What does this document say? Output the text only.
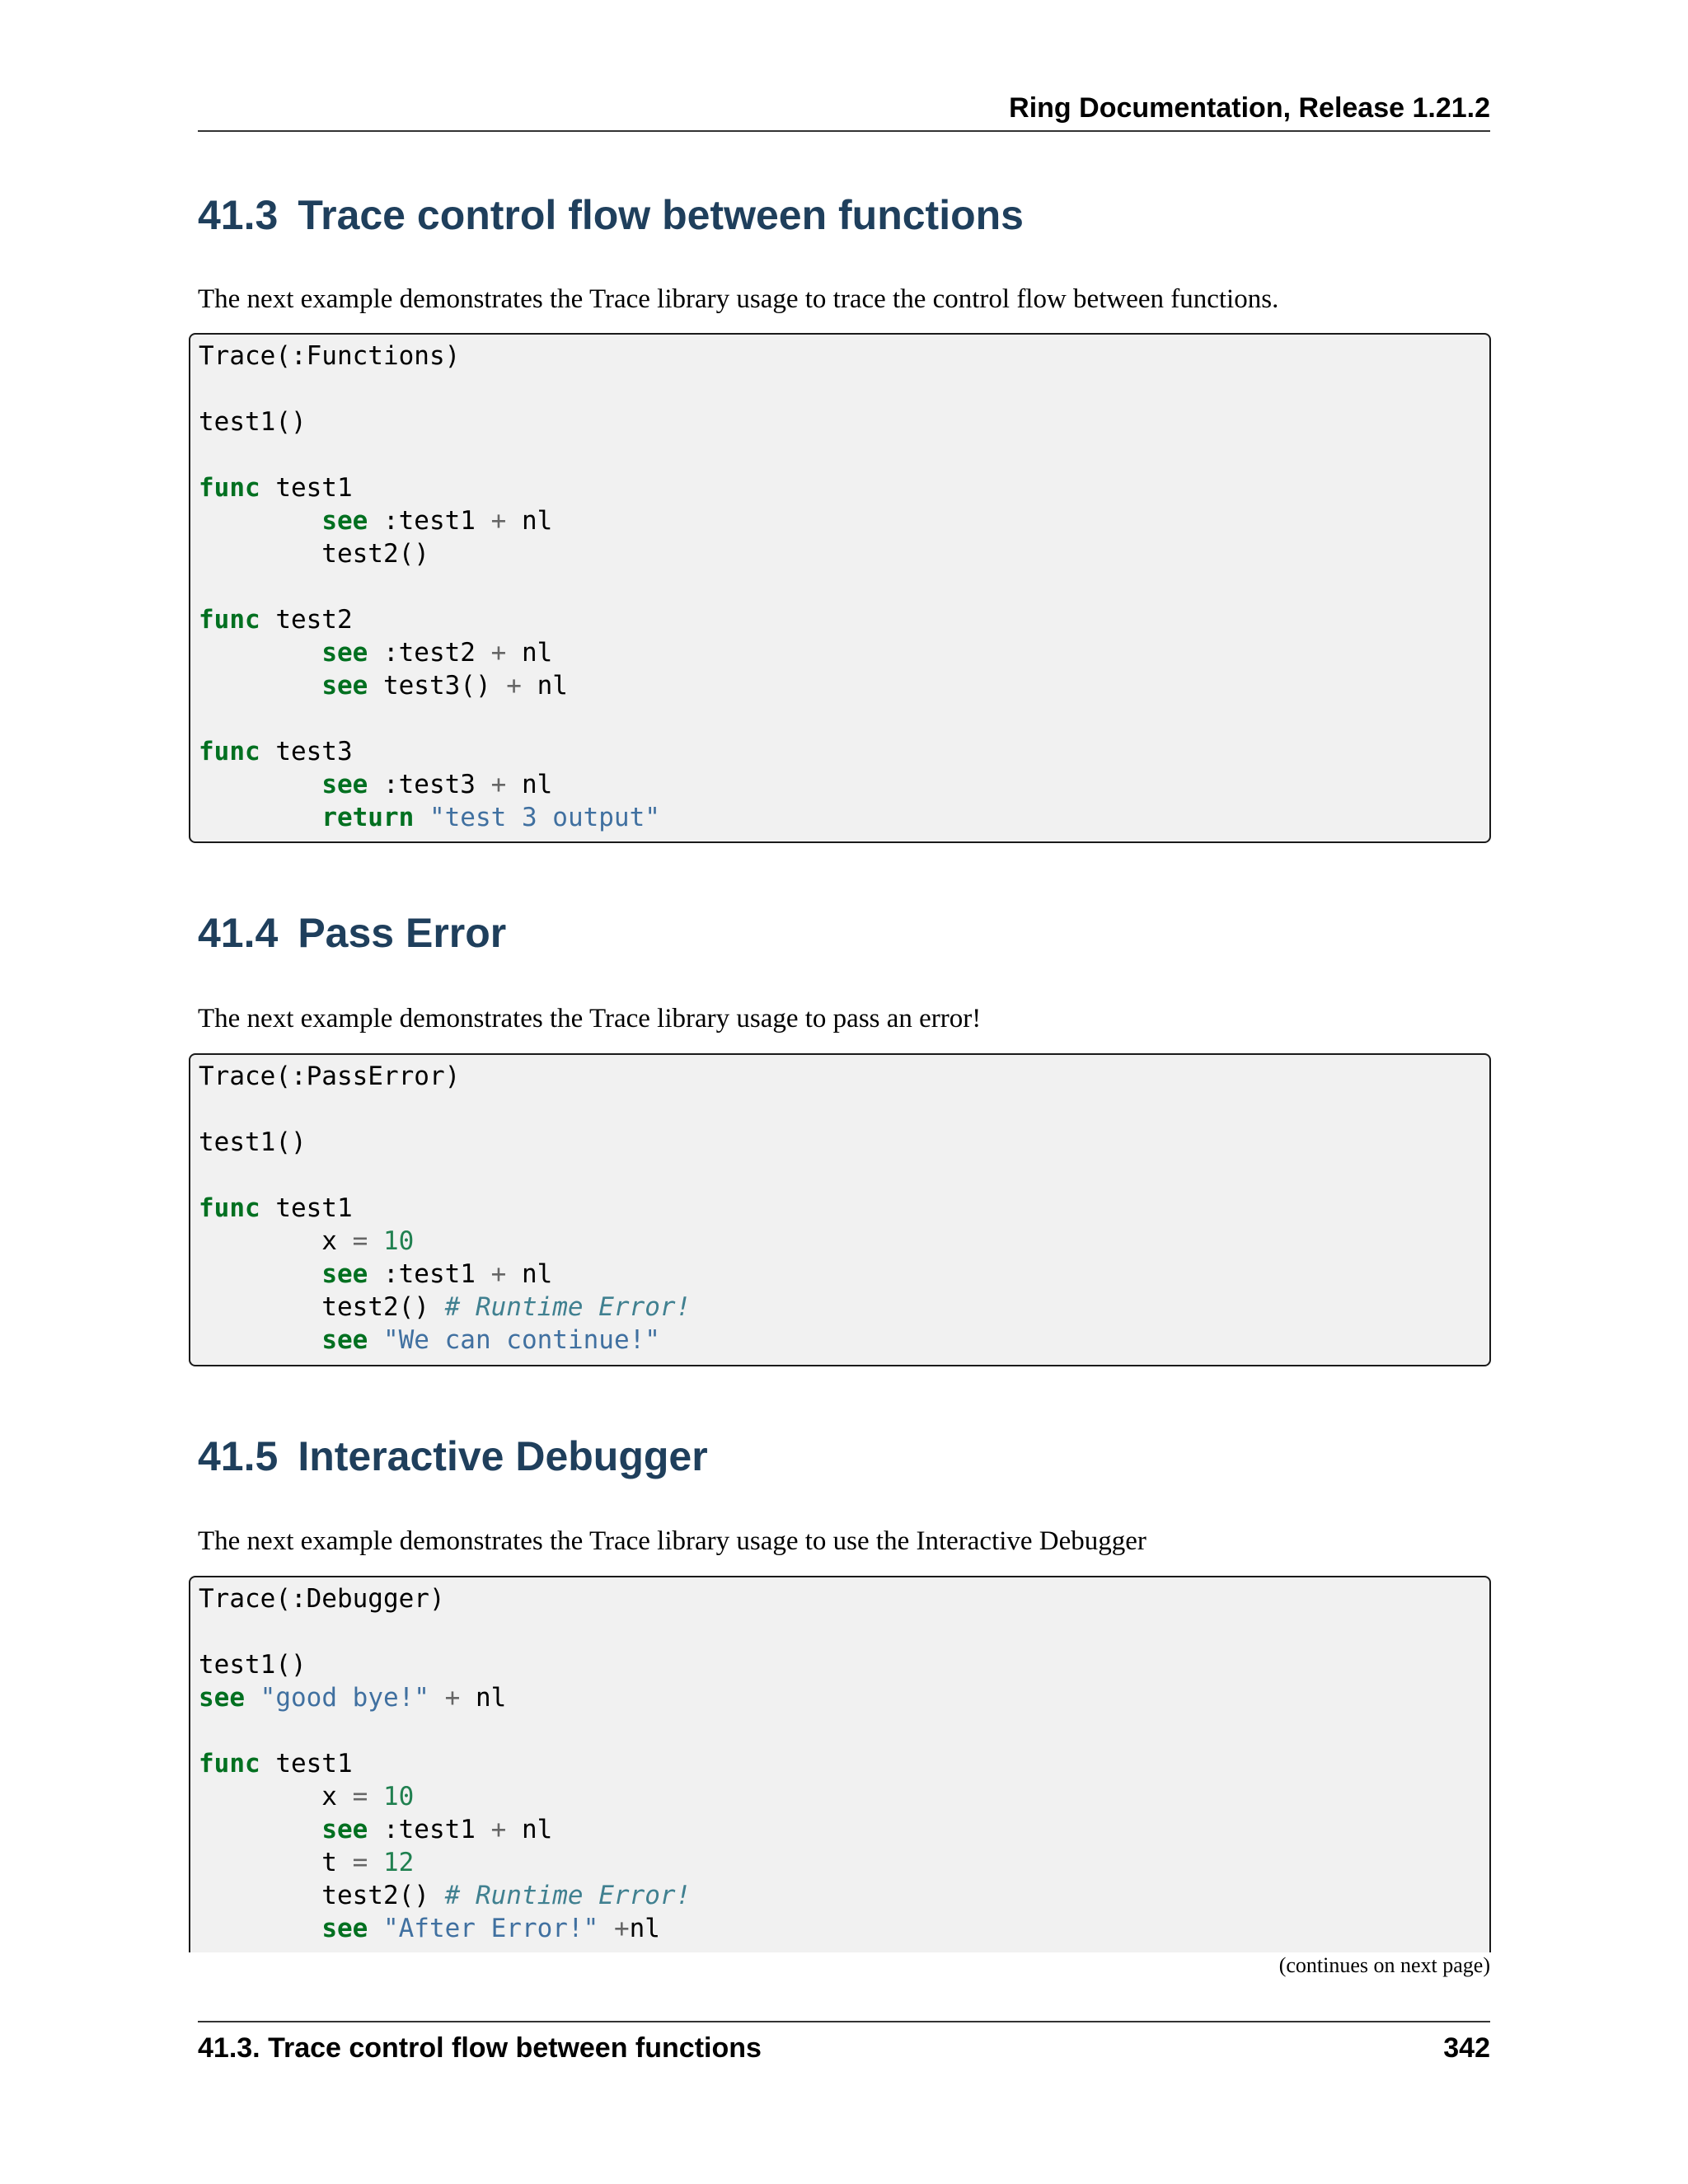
Ring Documentation, Release 1.21.2
41.3 Trace control flow between functions

The next example demonstrates the Trace library usage to trace the control flow between functions.

Trace(:Functions)

test1()

func test1
see :test1 + nl
test2()

func test2
see :test2 + nl
see test3() + nl

func test3
see :test3 + nl
return "test 3 output"
41.4 Pass Error

The next example demonstrates the Trace library usage to pass an error!

Trace(:PassError)

test1()

func test1
x = 10
see :test1 + nl
test2() # Runtime Error!
see "We can continue!"
41.5 Interactive Debugger

The next example demonstrates the Trace library usage to use the Interactive Debugger

Trace(:Debugger)

test1()
see "good bye!" + nl

func test1
x = 10
see :test1 + nl
t = 12
test2() # Runtime Error!
see "After Error!" +nl
(continues on next page)
41.3. Trace control flow between functions	342
